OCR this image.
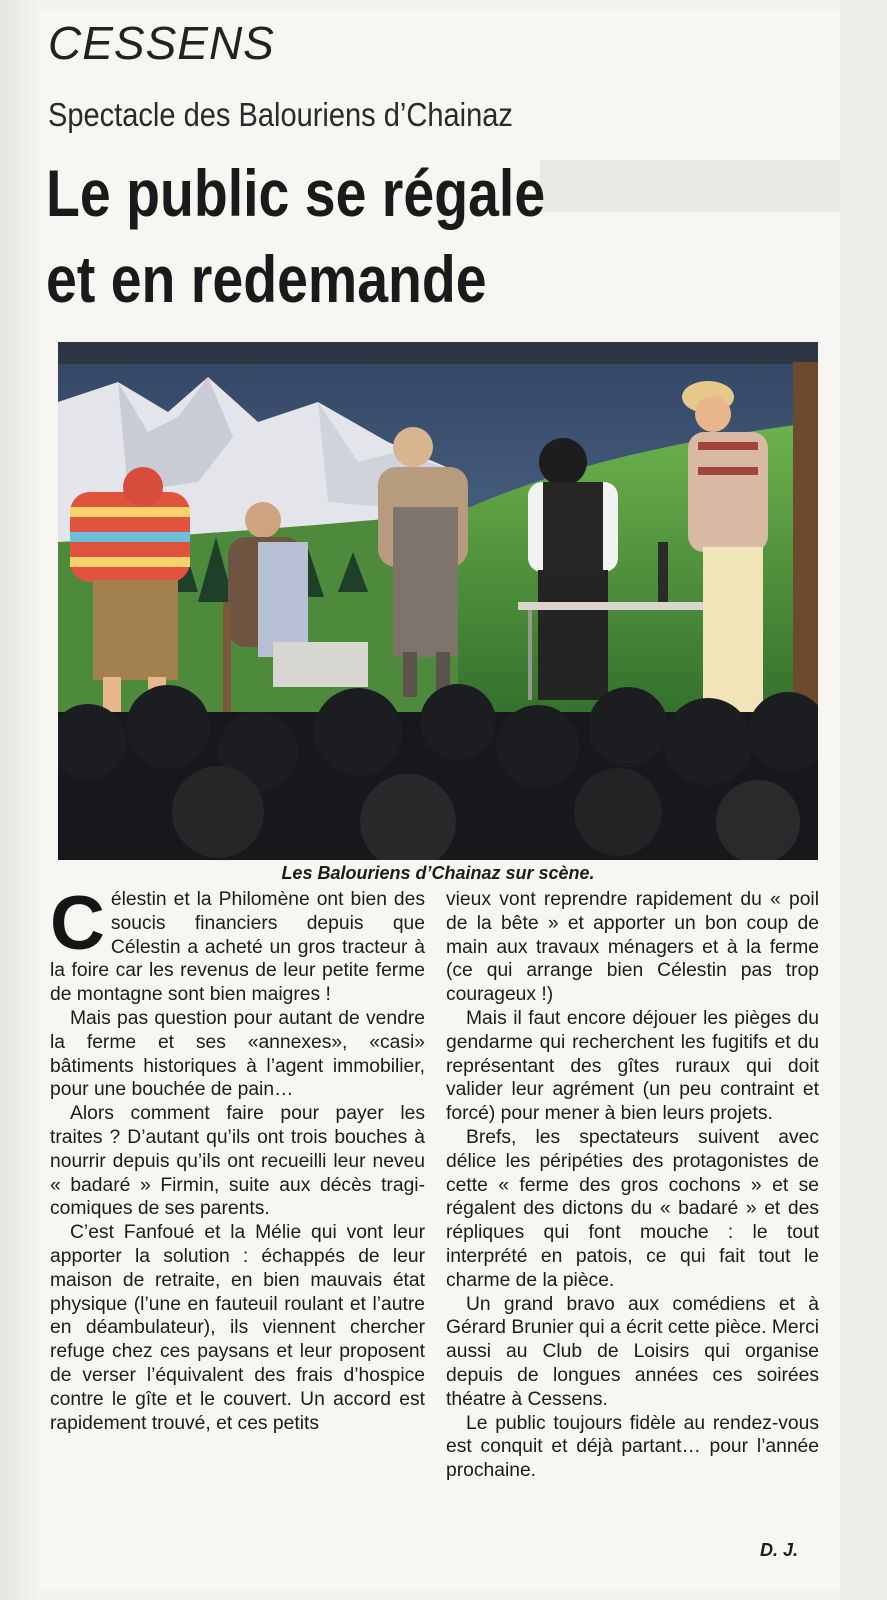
CESSENS
Spectacle des Balouriens d’Chainaz
Le public se régale
et en redemande
Les Balouriens d’Chainaz sur scène.

Célestin et la Philomène ont bien des soucis financiers depuis que Célestin a acheté un gros tracteur à la foire car les revenus de leur petite ferme de montagne sont bien maigres !

Mais pas question pour autant de vendre la ferme et ses «annexes», «casi» bâtiments historiques à l’agent immobilier, pour une bouchée de pain…

Alors comment faire pour payer les traites ? D’autant qu’ils ont trois bouches à nourrir depuis qu’ils ont recueilli leur neveu « badaré » Firmin, suite aux décès tragi-comiques de ses parents.

C’est Fanfoué et la Mélie qui vont leur apporter la solution : échappés de leur maison de retraite, en bien mauvais état physique (l’une en fauteuil roulant et l’autre en déambulateur), ils viennent chercher refuge chez ces paysans et leur proposent de verser l’équivalent des frais d’hospice contre le gîte et le couvert. Un accord est rapidement trouvé, et ces petits

vieux vont reprendre rapidement du « poil de la bête » et apporter un bon coup de main aux travaux ménagers et à la ferme (ce qui arrange bien Célestin pas trop courageux !)

Mais il faut encore déjouer les pièges du gendarme qui recherchent les fugitifs et du représentant des gîtes ruraux qui doit valider leur agrément (un peu contraint et forcé) pour mener à bien leurs projets.

Brefs, les spectateurs suivent avec délice les péripéties des protagonistes de cette « ferme des gros cochons » et se régalent des dictons du « badaré » et des répliques qui font mouche : le tout interprété en patois, ce qui fait tout le charme de la pièce.

Un grand bravo aux comédiens et à Gérard Brunier qui a écrit cette pièce. Merci aussi au Club de Loisirs qui organise depuis de longues années ces soirées théatre à Cessens.

Le public toujours fidèle au rendez-vous est conquit et déjà partant… pour l’année prochaine.

D. J.
